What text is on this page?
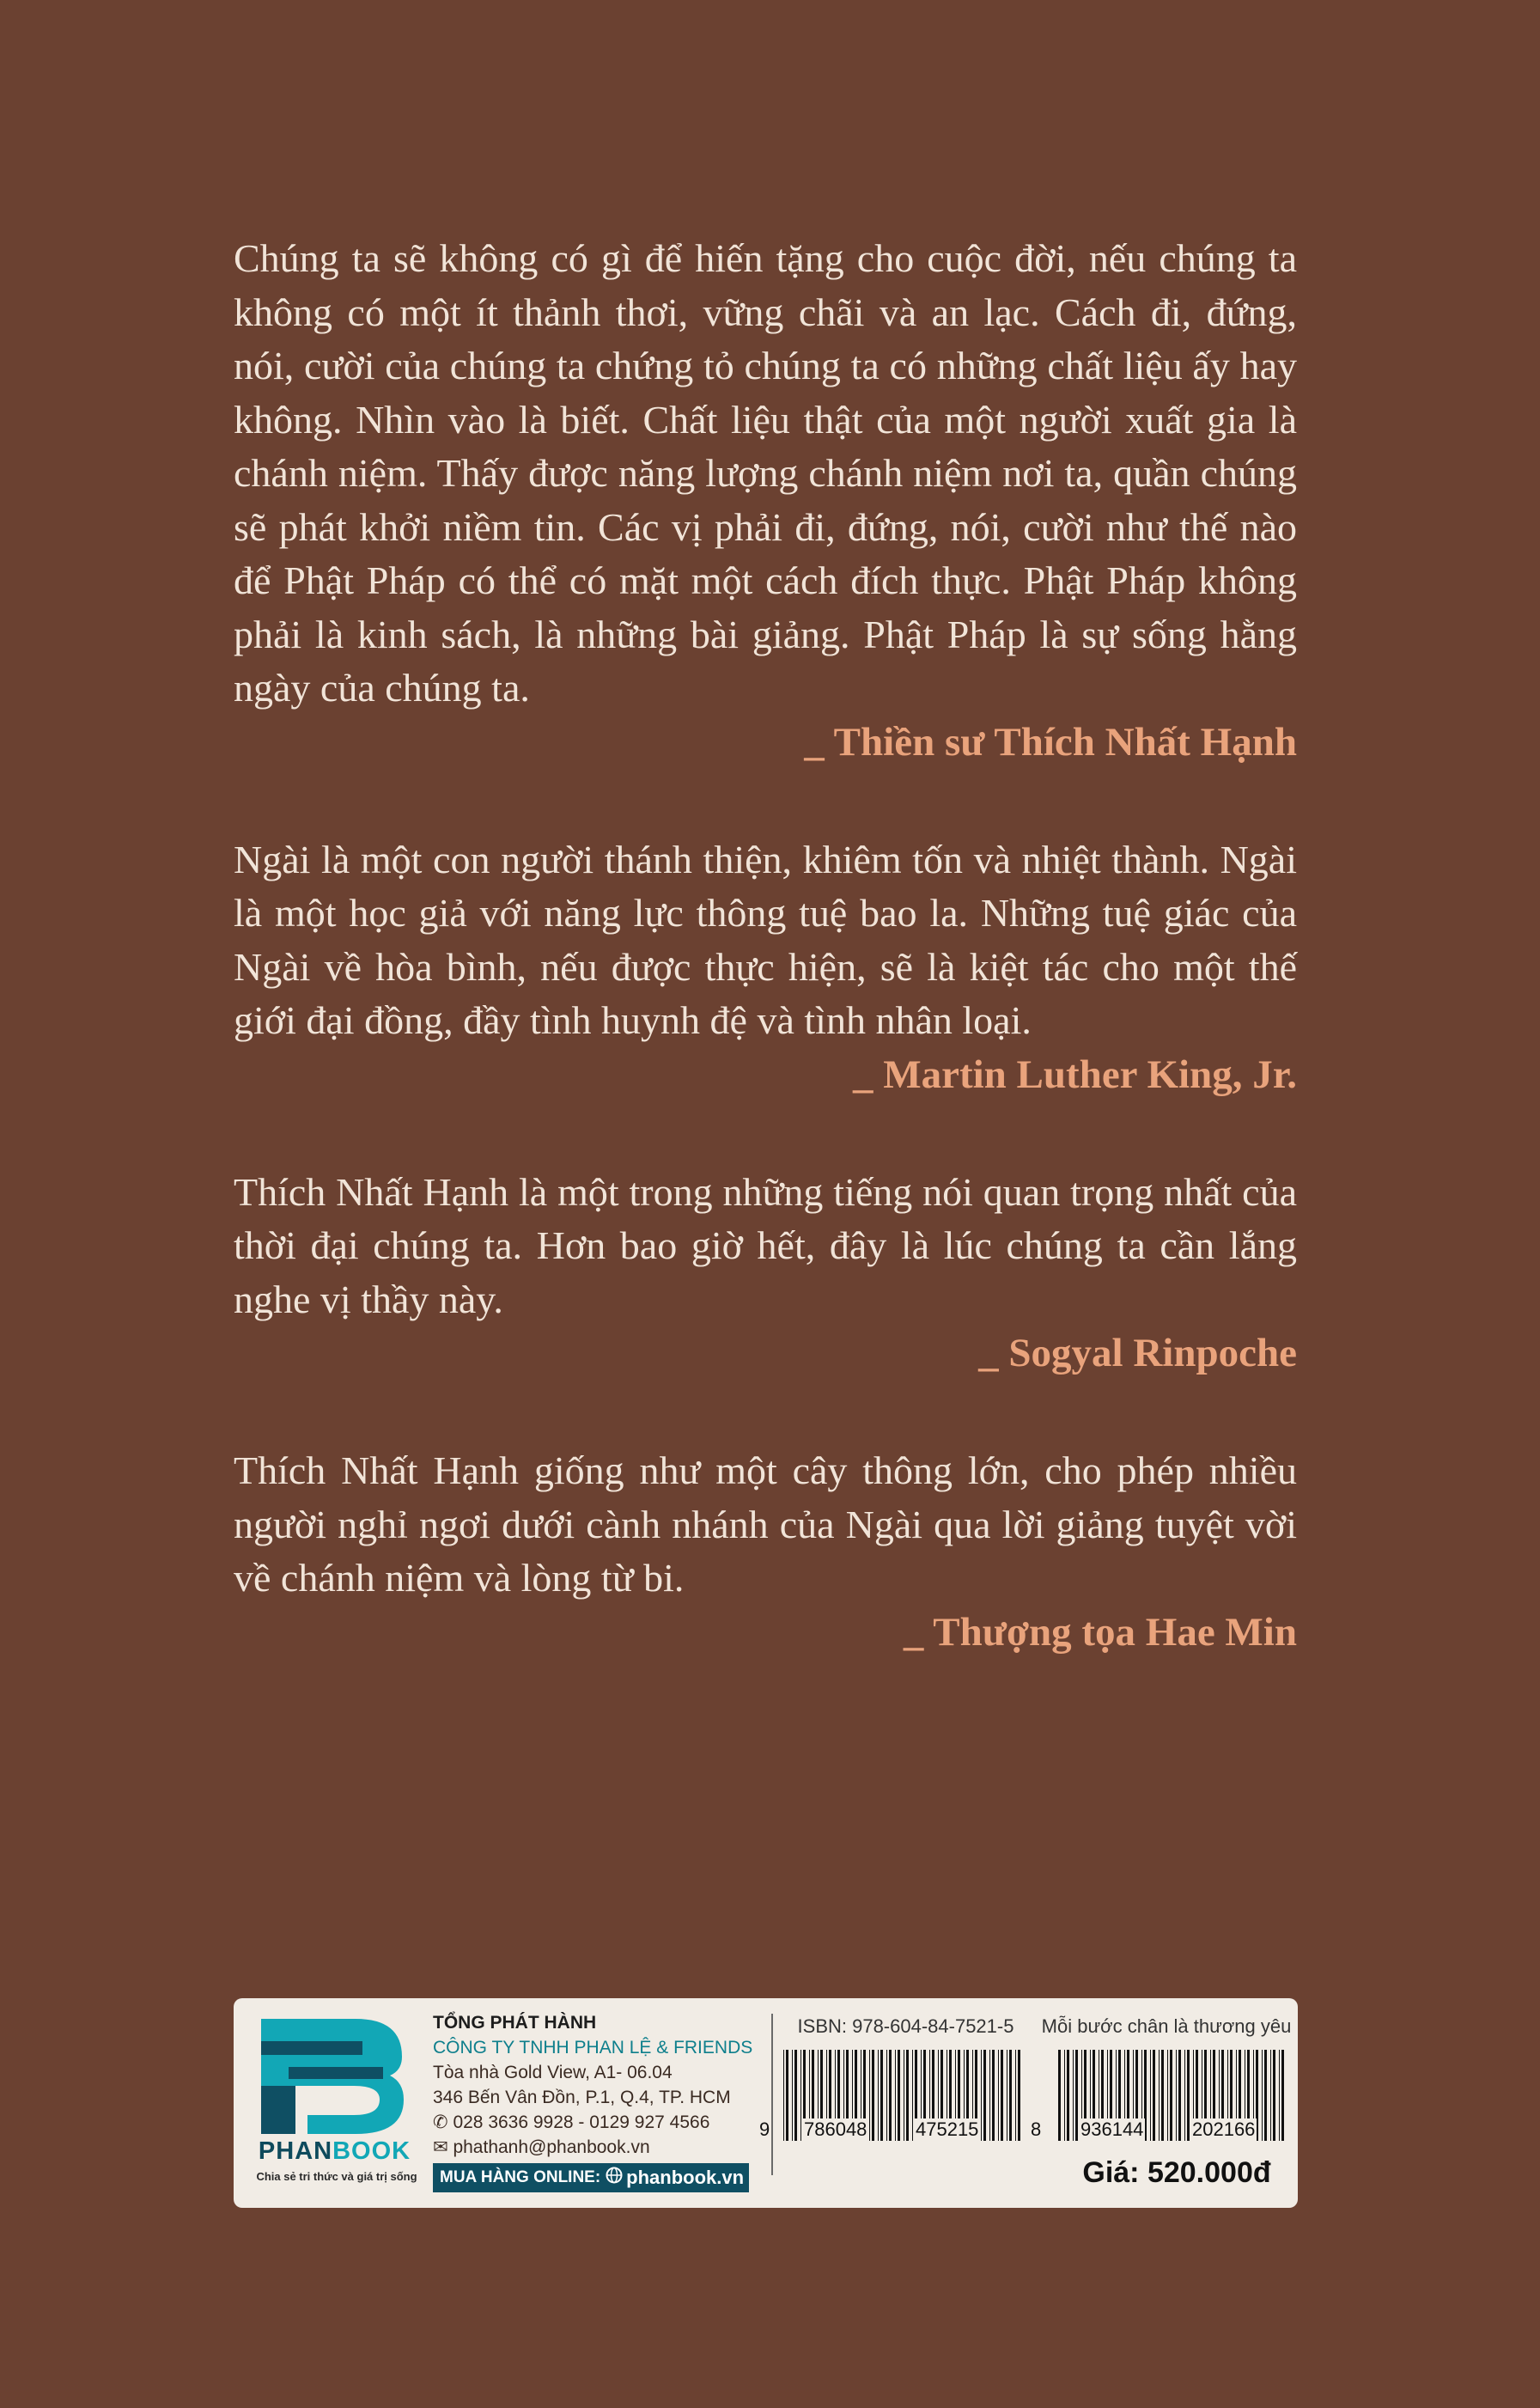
Chúng ta sẽ không có gì để hiến tặng cho cuộc đời, nếu chúng ta không có một ít thảnh thơi, vững chãi và an lạc. Cách đi, đứng, nói, cười của chúng ta chứng tỏ chúng ta có những chất liệu ấy hay không. Nhìn vào là biết. Chất liệu thật của một người xuất gia là chánh niệm. Thấy được năng lượng chánh niệm nơi ta, quần chúng sẽ phát khởi niềm tin. Các vị phải đi, đứng, nói, cười như thế nào để Phật Pháp có thể có mặt một cách đích thực. Phật Pháp không phải là kinh sách, là những bài giảng. Phật Pháp là sự sống hằng ngày của chúng ta.

_ Thiền sư Thích Nhất Hạnh

Ngài là một con người thánh thiện, khiêm tốn và nhiệt thành. Ngài là một học giả với năng lực thông tuệ bao la. Những tuệ giác của Ngài về hòa bình, nếu được thực hiện, sẽ là kiệt tác cho một thế giới đại đồng, đầy tình huynh đệ và tình nhân loại.

_ Martin Luther King, Jr.

Thích Nhất Hạnh là một trong những tiếng nói quan trọng nhất của thời đại chúng ta. Hơn bao giờ hết, đây là lúc chúng ta cần lắng nghe vị thầy này.

_ Sogyal Rinpoche

Thích Nhất Hạnh giống như một cây thông lớn, cho phép nhiều người nghỉ ngơi dưới cành nhánh của Ngài qua lời giảng tuyệt vời về chánh niệm và lòng từ bi.

_ Thượng tọa Hae Min

PHANBOOK
Chia sẻ tri thức và giá trị sống
TỔNG PHÁT HÀNH
CÔNG TY TNHH PHAN LỆ & FRIENDS
Tòa nhà Gold View, A1- 06.04
346 Bến Vân Đồn, P.1, Q.4, TP. HCM
✆ 028 3636 9928 - 0129 927 4566
✉ phathanh@phanbook.vn
MUA HÀNG ONLINE: phanbook.vn
ISBN: 978-604-84-7521-5	Mỗi bước chân là thương yêu
9 786048	475215	8 936144	202166
Giá: 520.000đ
